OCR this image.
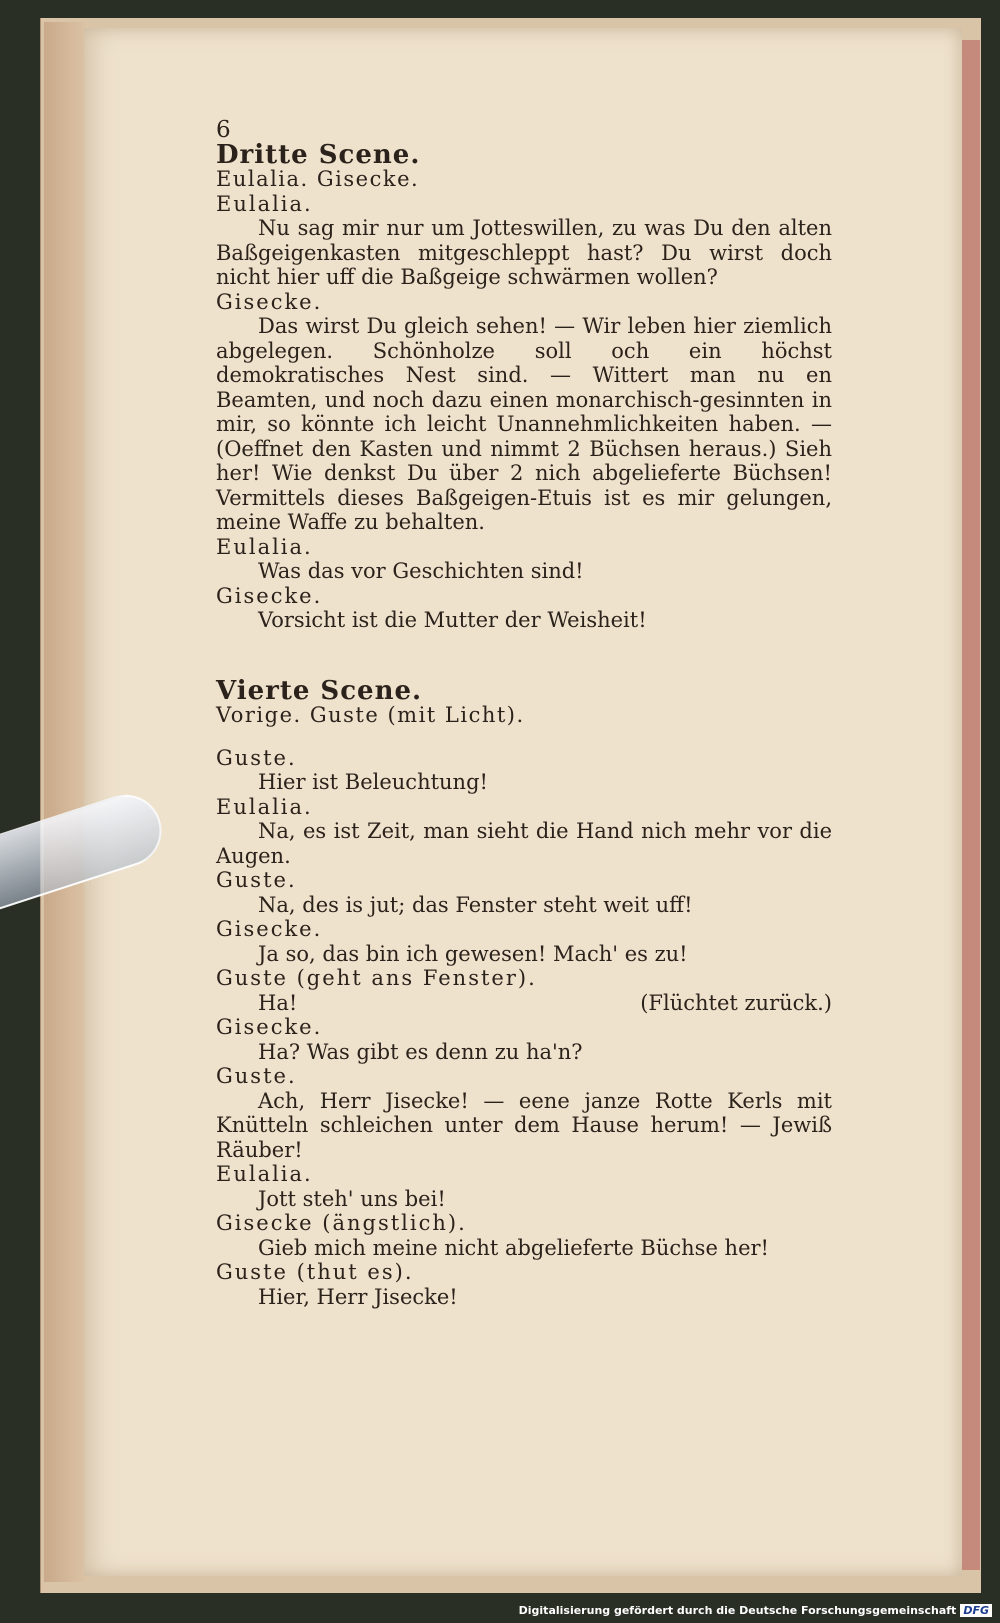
6

Dritte Scene.

Eulalia. Gisecke.

Eulalia.

Nu sag mir nur um Jotteswillen, zu was Du den alten Baßgeigenkasten mitgeschleppt hast? Du wirst doch nicht hier uff die Baßgeige schwärmen wollen?

Gisecke.

Das wirst Du gleich sehen! — Wir leben hier ziemlich abgelegen. Schönholze soll och ein höchst demokratisches Nest sind. — Wittert man nu en Beamten, und noch dazu einen monarchisch-gesinnten in mir, so könnte ich leicht Unannehmlichkeiten haben. — (Oeffnet den Kasten und nimmt 2 Büchsen heraus.) Sieh her! Wie denkst Du über 2 nich abgelieferte Büchsen! Vermittels dieses Baßgeigen-Etuis ist es mir gelungen, meine Waffe zu behalten.

Eulalia.

Was das vor Geschichten sind!

Gisecke.

Vorsicht ist die Mutter der Weisheit!

Vierte Scene.

Vorige. Guste (mit Licht).

Guste.

Hier ist Beleuchtung!

Eulalia.

Na, es ist Zeit, man sieht die Hand nich mehr vor die Augen.

Guste.

Na, des is jut; das Fenster steht weit uff!

Gisecke.

Ja so, das bin ich gewesen! Mach' es zu!

Guste (geht ans Fenster).

Ha!	(Flüchtet zurück.)

Gisecke.

Ha? Was gibt es denn zu ha'n?

Guste.

Ach, Herr Jisecke! — eene janze Rotte Kerls mit Knütteln schleichen unter dem Hause herum! — Jewiß Räuber!

Eulalia.

Jott steh' uns bei!

Gisecke (ängstlich).

Gieb mich meine nicht abgelieferte Büchse her!

Guste (thut es).

Hier, Herr Jisecke!

Digitalisierung gefördert durch die Deutsche Forschungsgemeinschaft DFG
